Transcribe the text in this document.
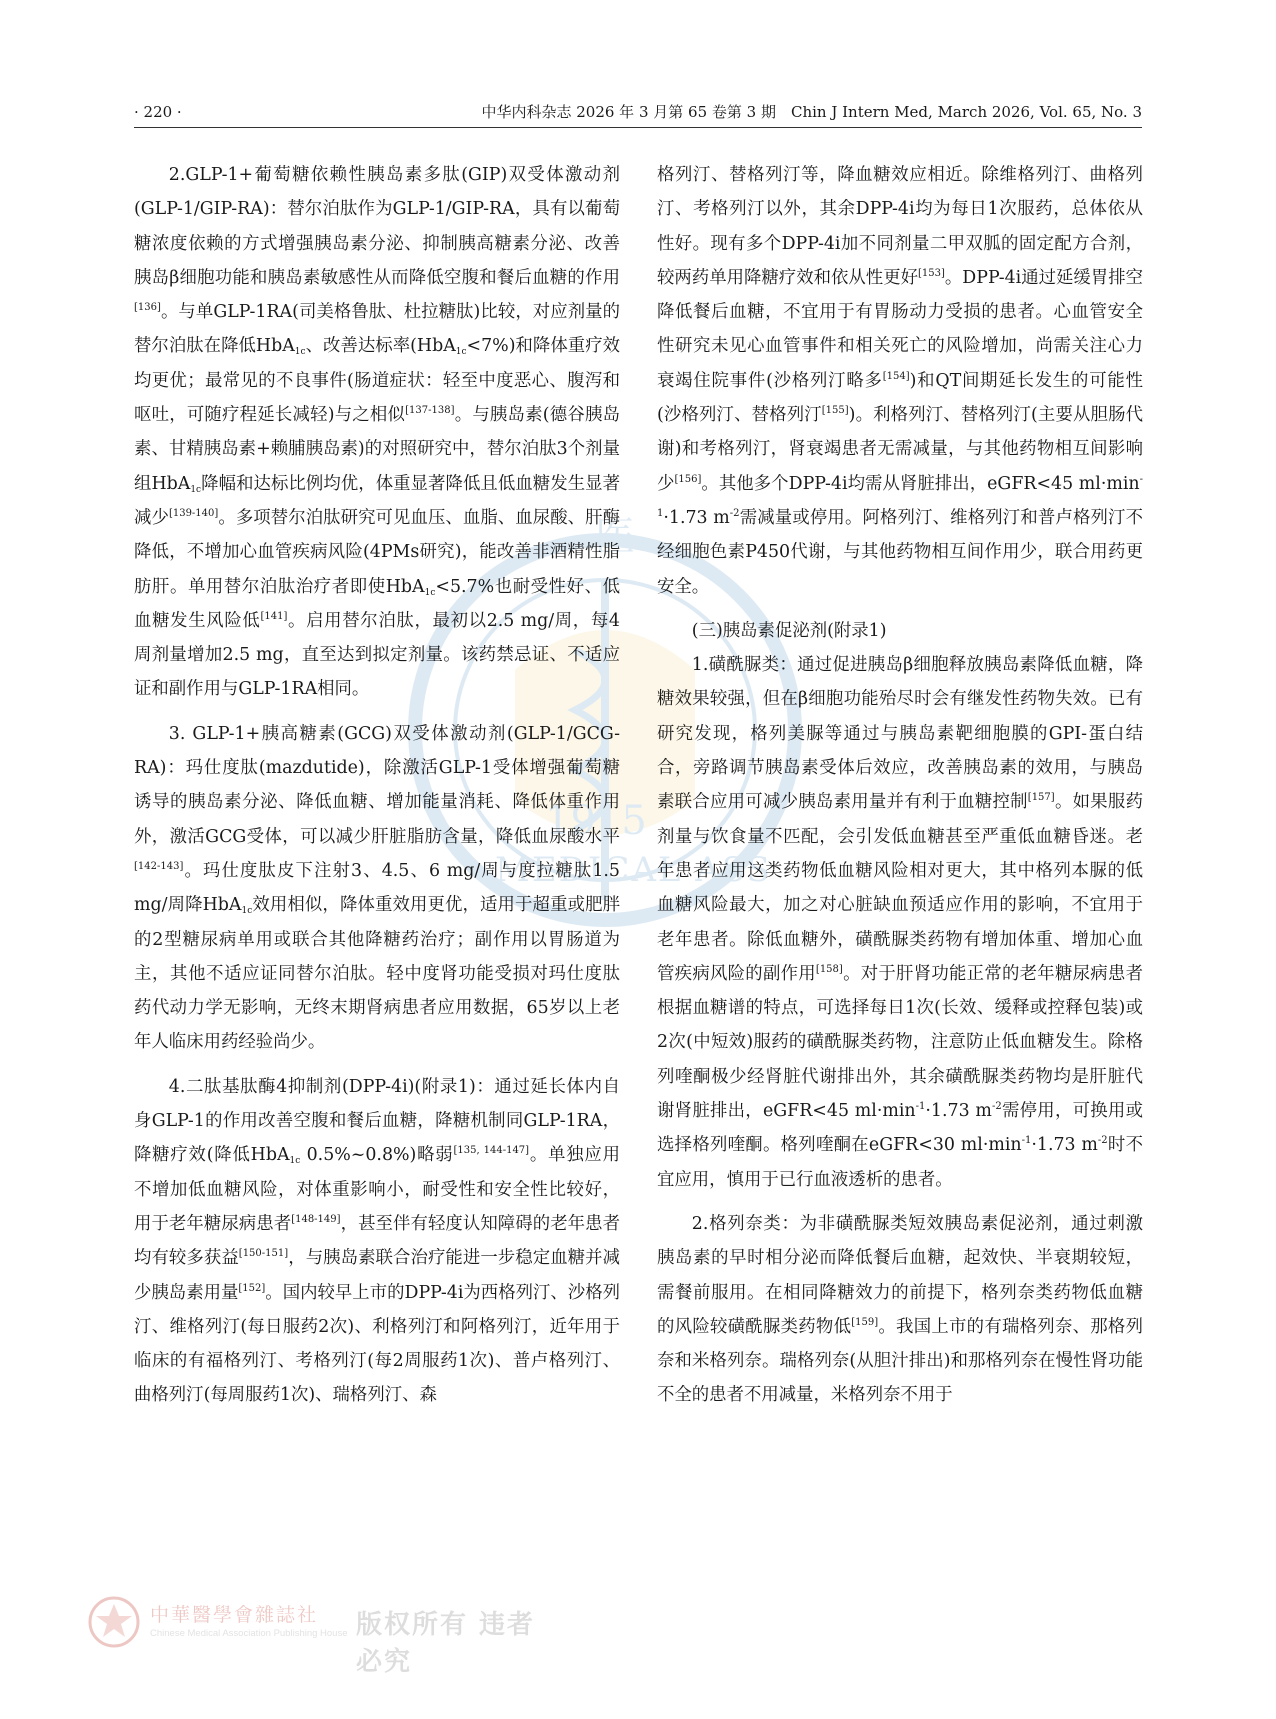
· 220 ·	中华内科杂志 2026 年 3 月第 65 卷第 3 期　Chin J Intern Med, March 2026, Vol. 65, No. 3
医
1915
MEDICAL ASS

2.GLP-1+葡萄糖依赖性胰岛素多肽(GIP)双受体激动剂(GLP-1/GIP-RA)：替尔泊肽作为GLP-1/GIP-RA，具有以葡萄糖浓度依赖的方式增强胰岛素分泌、抑制胰高糖素分泌、改善胰岛β细胞功能和胰岛素敏感性从而降低空腹和餐后血糖的作用[136]。与单GLP-1RA(司美格鲁肽、杜拉糖肽)比较，对应剂量的替尔泊肽在降低HbA$_{1c}$、改善达标率(HbA$_{1c}$<7%)和降体重疗效均更优；最常见的不良事件(肠道症状：轻至中度恶心、腹泻和呕吐，可随疗程延长减轻)与之相似[137-138]。与胰岛素(德谷胰岛素、甘精胰岛素+赖脯胰岛素)的对照研究中，替尔泊肽3个剂量组HbA$_{1c}$降幅和达标比例均优，体重显著降低且低血糖发生显著减少[139-140]。多项替尔泊肽研究可见血压、血脂、血尿酸、肝酶降低，不增加心血管疾病风险(4PMs研究)，能改善非酒精性脂肪肝。单用替尔泊肽治疗者即使HbA$_{1c}$<5.7%也耐受性好、低血糖发生风险低[141]。启用替尔泊肽，最初以2.5 mg/周，每4周剂量增加2.5 mg，直至达到拟定剂量。该药禁忌证、不适应证和副作用与GLP-1RA相同。

3. GLP-1+胰高糖素(GCG)双受体激动剂(GLP-1/GCG-RA)：玛仕度肽(mazdutide)，除激活GLP-1受体增强葡萄糖诱导的胰岛素分泌、降低血糖、增加能量消耗、降低体重作用外，激活GCG受体，可以减少肝脏脂肪含量，降低血尿酸水平[142-143]。玛仕度肽皮下注射3、4.5、6 mg/周与度拉糖肽1.5 mg/周降HbA$_{1c}$效用相似，降体重效用更优，适用于超重或肥胖的2型糖尿病单用或联合其他降糖药治疗；副作用以胃肠道为主，其他不适应证同替尔泊肽。轻中度肾功能受损对玛仕度肽药代动力学无影响，无终末期肾病患者应用数据，65岁以上老年人临床用药经验尚少。

4.二肽基肽酶4抑制剂(DPP-4i)(附录1)：通过延长体内自身GLP-1的作用改善空腹和餐后血糖，降糖机制同GLP-1RA，降糖疗效(降低HbA$_{1c}$ 0.5%~0.8%)略弱[135, 144-147]。单独应用不增加低血糖风险，对体重影响小，耐受性和安全性比较好，用于老年糖尿病患者[148-149]，甚至伴有轻度认知障碍的老年患者均有较多获益[150-151]，与胰岛素联合治疗能进一步稳定血糖并减少胰岛素用量[152]。国内较早上市的DPP-4i为西格列汀、沙格列汀、维格列汀(每日服药2次)、利格列汀和阿格列汀，近年用于临床的有福格列汀、考格列汀(每2周服药1次)、普卢格列汀、曲格列汀(每周服药1次)、瑞格列汀、森

格列汀、替格列汀等，降血糖效应相近。除维格列汀、曲格列汀、考格列汀以外，其余DPP-4i均为每日1次服药，总体依从性好。现有多个DPP-4i加不同剂量二甲双胍的固定配方合剂，较两药单用降糖疗效和依从性更好[153]。DPP-4i通过延缓胃排空降低餐后血糖，不宜用于有胃肠动力受损的患者。心血管安全性研究未见心血管事件和相关死亡的风险增加，尚需关注心力衰竭住院事件(沙格列汀略多[154])和QT间期延长发生的可能性(沙格列汀、替格列汀[155])。利格列汀、替格列汀(主要从胆肠代谢)和考格列汀，肾衰竭患者无需减量，与其他药物相互间影响少[156]。其他多个DPP-4i均需从肾脏排出，eGFR<45 $ml\cdot\min^{-1}\cdot 1.73$ $m^{-2}$需减量或停用。阿格列汀、维格列汀和普卢格列汀不经细胞色素P450代谢，与其他药物相互间作用少，联合用药更安全。

(三)胰岛素促泌剂(附录1)

1.磺酰脲类：通过促进胰岛β细胞释放胰岛素降低血糖，降糖效果较强，但在β细胞功能殆尽时会有继发性药物失效。已有研究发现，格列美脲等通过与胰岛素靶细胞膜的GPI-蛋白结合，旁路调节胰岛素受体后效应，改善胰岛素的效用，与胰岛素联合应用可减少胰岛素用量并有利于血糖控制[157]。如果服药剂量与饮食量不匹配，会引发低血糖甚至严重低血糖昏迷。老年患者应用这类药物低血糖风险相对更大，其中格列本脲的低血糖风险最大，加之对心脏缺血预适应作用的影响，不宜用于老年患者。除低血糖外，磺酰脲类药物有增加体重、增加心血管疾病风险的副作用[158]。对于肝肾功能正常的老年糖尿病患者根据血糖谱的特点，可选择每日1次(长效、缓释或控释包装)或2次(中短效)服药的磺酰脲类药物，注意防止低血糖发生。除格列喹酮极少经肾脏代谢排出外，其余磺酰脲类药物均是肝脏代谢肾脏排出，eGFR<45 $ml\cdot\min^{-1}\cdot 1.73$ $m^{-2}$需停用，可换用或选择格列喹酮。格列喹酮在eGFR<30 $ml\cdot\min^{-1}\cdot 1.73$ $m^{-2}$时不宜应用，慎用于已行血液透析的患者。

2.格列奈类：为非磺酰脲类短效胰岛素促泌剂，通过刺激胰岛素的早时相分泌而降低餐后血糖，起效快、半衰期较短，需餐前服用。在相同降糖效力的前提下，格列奈类药物低血糖的风险较磺酰脲类药物低[159]。我国上市的有瑞格列奈、那格列奈和米格列奈。瑞格列奈(从胆汁排出)和那格列奈在慢性肾功能不全的患者不用减量，米格列奈不用于

中華醫學會雜誌社
Chinese Medical Association Publishing House 版权所有 违者必究
